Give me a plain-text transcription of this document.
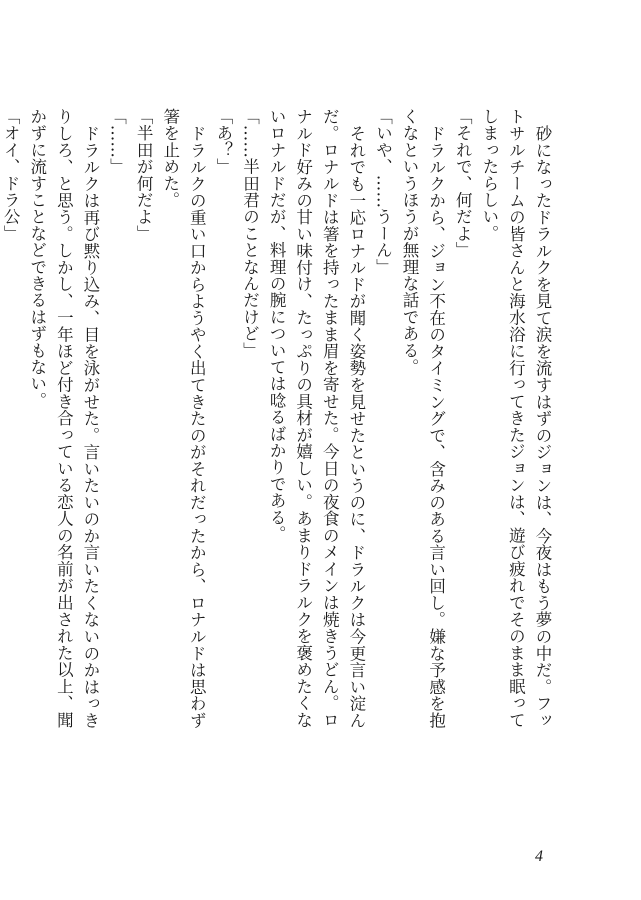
砂になったドラルクを見て涙を流すはずのジョンは、今夜はもう夢の中だ。フットサルチームの皆さんと海水浴に行ってきたジョンは、遊び疲れでそのまま眠ってしまったらしい。

「それで、何だよ」

ドラルクから、ジョン不在のタイミングで、含みのある言い回し。嫌な予感を抱くなというほうが無理な話である。

「いや、……うーん」

それでも一応ロナルドが聞く姿勢を見せたというのに、ドラルクは今更言い淀んだ。ロナルドは箸を持ったまま眉を寄せた。今日の夜食のメインは焼きうどん。ロナルド好みの甘い味付け、たっぷりの具材が嬉しい。あまりドラルクを褒めたくないロナルドだが、料理の腕については唸るばかりである。

「……半田君のことなんだけど」

「あ？」

ドラルクの重い口からようやく出てきたのがそれだったから、ロナルドは思わず箸を止めた。

「半田が何だよ」

「……」

ドラルクは再び黙り込み、目を泳がせた。言いたいのか言いたくないのかはっきりしろ、と思う。しかし、一年ほど付き合っている恋人の名前が出された以上、聞かずに流すことなどできるはずもない。

「オイ、ドラ公」

4
